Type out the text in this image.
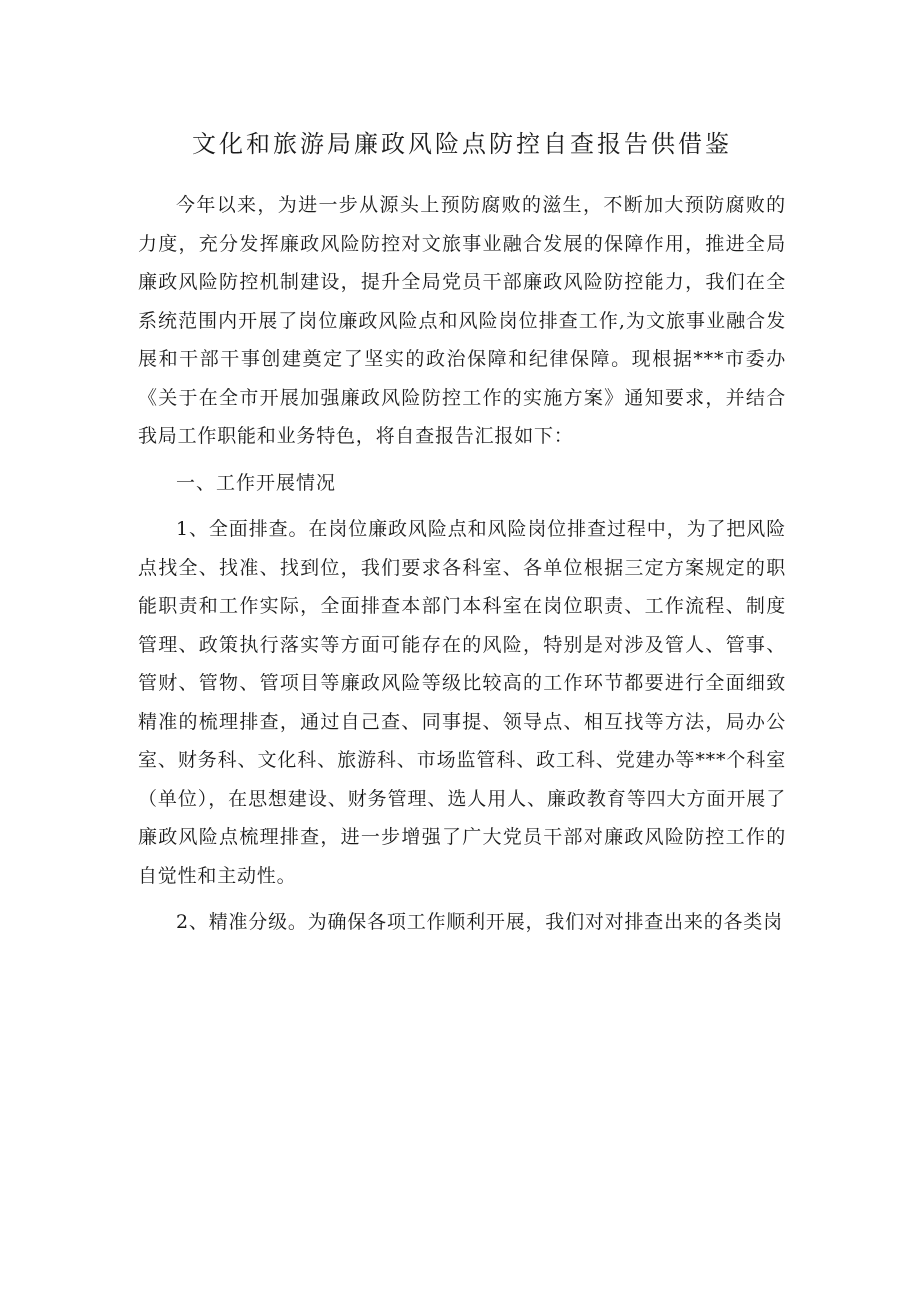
文化和旅游局廉政风险点防控自查报告供借鉴

今年以来，为进一步从源头上预防腐败的滋生，不断加大预防腐败的力度，充分发挥廉政风险防控对文旅事业融合发展的保障作用，推进全局廉政风险防控机制建设，提升全局党员干部廉政风险防控能力，我们在全系统范围内开展了岗位廉政风险点和风险岗位排查工作,为文旅事业融合发展和干部干事创建奠定了坚实的政治保障和纪律保障。现根据***市委办《关于在全市开展加强廉政风险防控工作的实施方案》通知要求，并结合我局工作职能和业务特色，将自查报告汇报如下：

一、工作开展情况

1、全面排查。在岗位廉政风险点和风险岗位排查过程中，为了把风险点找全、找准、找到位，我们要求各科室、各单位根据三定方案规定的职能职责和工作实际，全面排查本部门本科室在岗位职责、工作流程、制度管理、政策执行落实等方面可能存在的风险，特别是对涉及管人、管事、管财、管物、管项目等廉政风险等级比较高的工作环节都要进行全面细致精准的梳理排查，通过自己查、同事提、领导点、相互找等方法，局办公室、财务科、文化科、旅游科、市场监管科、政工科、党建办等***个科室（单位），在思想建设、财务管理、选人用人、廉政教育等四大方面开展了廉政风险点梳理排查，进一步增强了广大党员干部对廉政风险防控工作的自觉性和主动性。

2、精准分级。为确保各项工作顺利开展，我们对对排查出来的各类岗
